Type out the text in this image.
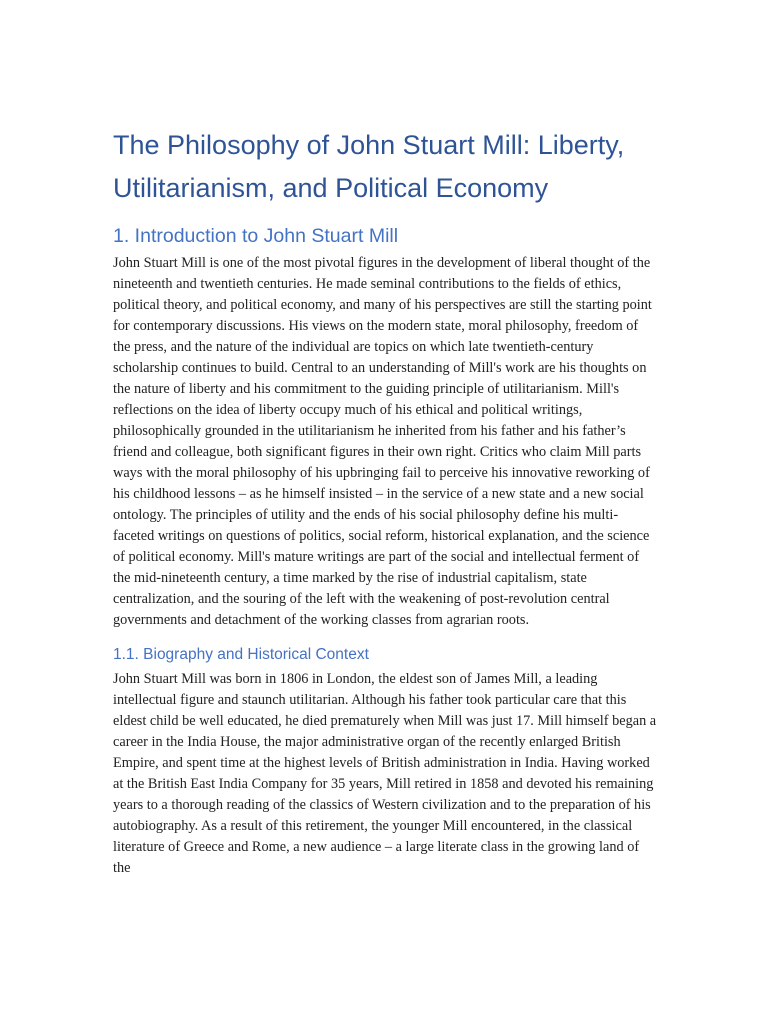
The Philosophy of John Stuart Mill: Liberty, Utilitarianism, and Political Economy
1. Introduction to John Stuart Mill

John Stuart Mill is one of the most pivotal figures in the development of liberal thought of the nineteenth and twentieth centuries. He made seminal contributions to the fields of ethics, political theory, and political economy, and many of his perspectives are still the starting point for contemporary discussions. His views on the modern state, moral philosophy, freedom of the press, and the nature of the individual are topics on which late twentieth-century scholarship continues to build. Central to an understanding of Mill's work are his thoughts on the nature of liberty and his commitment to the guiding principle of utilitarianism. Mill's reflections on the idea of liberty occupy much of his ethical and political writings, philosophically grounded in the utilitarianism he inherited from his father and his father’s friend and colleague, both significant figures in their own right. Critics who claim Mill parts ways with the moral philosophy of his upbringing fail to perceive his innovative reworking of his childhood lessons – as he himself insisted – in the service of a new state and a new social ontology. The principles of utility and the ends of his social philosophy define his multi-faceted writings on questions of politics, social reform, historical explanation, and the science of political economy. Mill's mature writings are part of the social and intellectual ferment of the mid-nineteenth century, a time marked by the rise of industrial capitalism, state centralization, and the souring of the left with the weakening of post-revolution central governments and detachment of the working classes from agrarian roots.

1.1. Biography and Historical Context

John Stuart Mill was born in 1806 in London, the eldest son of James Mill, a leading intellectual figure and staunch utilitarian. Although his father took particular care that this eldest child be well educated, he died prematurely when Mill was just 17. Mill himself began a career in the India House, the major administrative organ of the recently enlarged British Empire, and spent time at the highest levels of British administration in India. Having worked at the British East India Company for 35 years, Mill retired in 1858 and devoted his remaining years to a thorough reading of the classics of Western civilization and to the preparation of his autobiography. As a result of this retirement, the younger Mill encountered, in the classical literature of Greece and Rome, a new audience – a large literate class in the growing land of the
